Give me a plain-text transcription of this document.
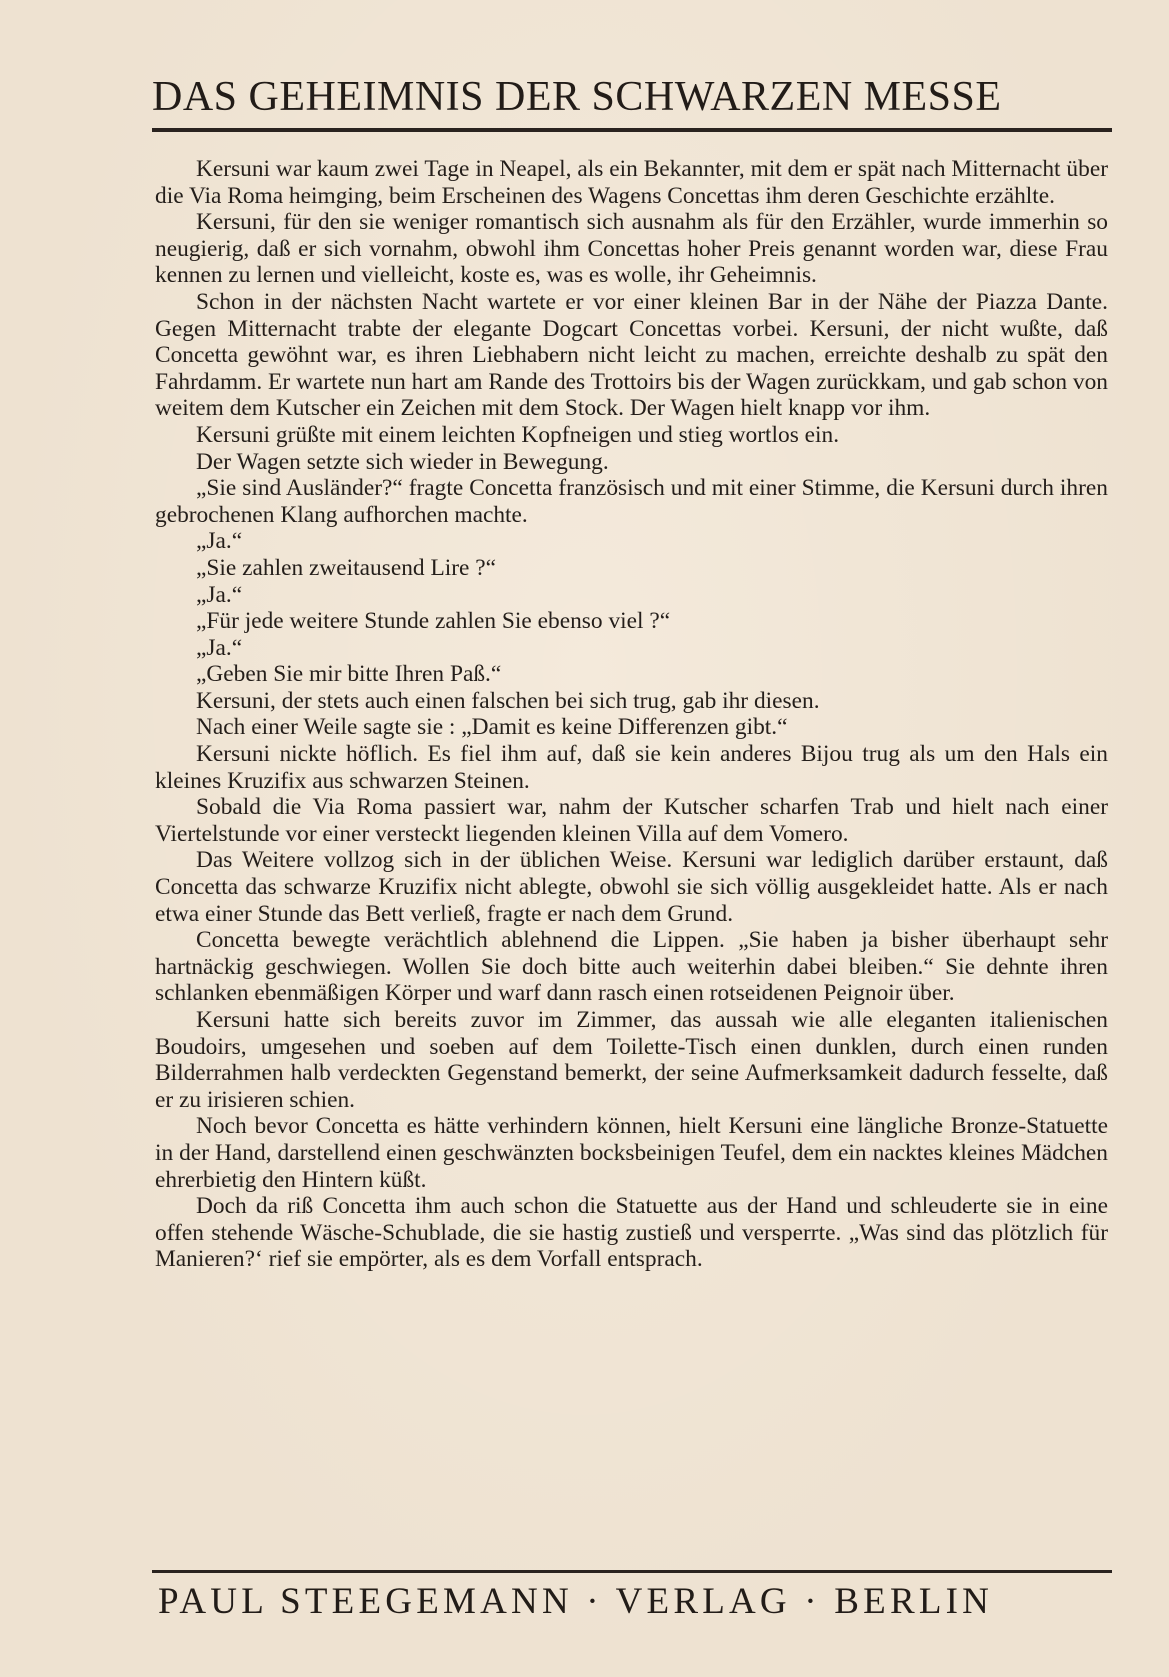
DAS GEHEIMNIS DER SCHWARZEN MESSE

Kersuni war kaum zwei Tage in Neapel, als ein Bekannter, mit dem er spät nach Mitternacht über die Via Roma heimging, beim Erscheinen des Wagens Concettas ihm deren Geschichte erzählte.

Kersuni, für den sie weniger romantisch sich ausnahm als für den Erzähler, wurde immerhin so neugierig, daß er sich vornahm, obwohl ihm Concettas hoher Preis genannt worden war, diese Frau kennen zu lernen und vielleicht, koste es, was es wolle, ihr Geheimnis.

Schon in der nächsten Nacht wartete er vor einer kleinen Bar in der Nähe der Piazza Dante. Gegen Mitternacht trabte der elegante Dogcart Concettas vorbei. Kersuni, der nicht wußte, daß Concetta gewöhnt war, es ihren Liebhabern nicht leicht zu machen, erreichte deshalb zu spät den Fahrdamm. Er wartete nun hart am Rande des Trottoirs bis der Wagen zurückkam, und gab schon von weitem dem Kutscher ein Zeichen mit dem Stock. Der Wagen hielt knapp vor ihm.

Kersuni grüßte mit einem leichten Kopfneigen und stieg wortlos ein.

Der Wagen setzte sich wieder in Bewegung.

„Sie sind Ausländer?“ fragte Concetta französisch und mit einer Stimme, die Kersuni durch ihren gebrochenen Klang aufhorchen machte.

„Ja.“

„Sie zahlen zweitausend Lire ?“

„Ja.“

„Für jede weitere Stunde zahlen Sie ebenso viel ?“

„Ja.“

„Geben Sie mir bitte Ihren Paß.“

Kersuni, der stets auch einen falschen bei sich trug, gab ihr diesen.

Nach einer Weile sagte sie : „Damit es keine Differenzen gibt.“

Kersuni nickte höflich. Es fiel ihm auf, daß sie kein anderes Bijou trug als um den Hals ein kleines Kruzifix aus schwarzen Steinen.

Sobald die Via Roma passiert war, nahm der Kutscher scharfen Trab und hielt nach einer Viertelstunde vor einer versteckt liegenden kleinen Villa auf dem Vomero.

Das Weitere vollzog sich in der üblichen Weise. Kersuni war lediglich darüber erstaunt, daß Concetta das schwarze Kruzifix nicht ablegte, obwohl sie sich völlig ausgekleidet hatte. Als er nach etwa einer Stunde das Bett verließ, fragte er nach dem Grund.

Concetta bewegte verächtlich ablehnend die Lippen. „Sie haben ja bisher überhaupt sehr hartnäckig geschwiegen. Wollen Sie doch bitte auch weiterhin dabei bleiben.“ Sie dehnte ihren schlanken ebenmäßigen Körper und warf dann rasch einen rotseidenen Peignoir über.

Kersuni hatte sich bereits zuvor im Zimmer, das aussah wie alle eleganten italienischen Boudoirs, umgesehen und soeben auf dem Toilette-Tisch einen dunklen, durch einen runden Bilderrahmen halb verdeckten Gegenstand bemerkt, der seine Aufmerksamkeit dadurch fesselte, daß er zu irisieren schien.

Noch bevor Concetta es hätte verhindern können, hielt Kersuni eine längliche Bronze-Statuette in der Hand, darstellend einen geschwänzten bocksbeinigen Teufel, dem ein nacktes kleines Mädchen ehrerbietig den Hintern küßt.

Doch da riß Concetta ihm auch schon die Statuette aus der Hand und schleuderte sie in eine offen stehende Wäsche-Schublade, die sie hastig zustieß und versperrte. „Was sind das plötzlich für Manieren?‘ rief sie empörter, als es dem Vorfall entsprach.

PAUL STEEGEMANN · VERLAG · BERLIN
